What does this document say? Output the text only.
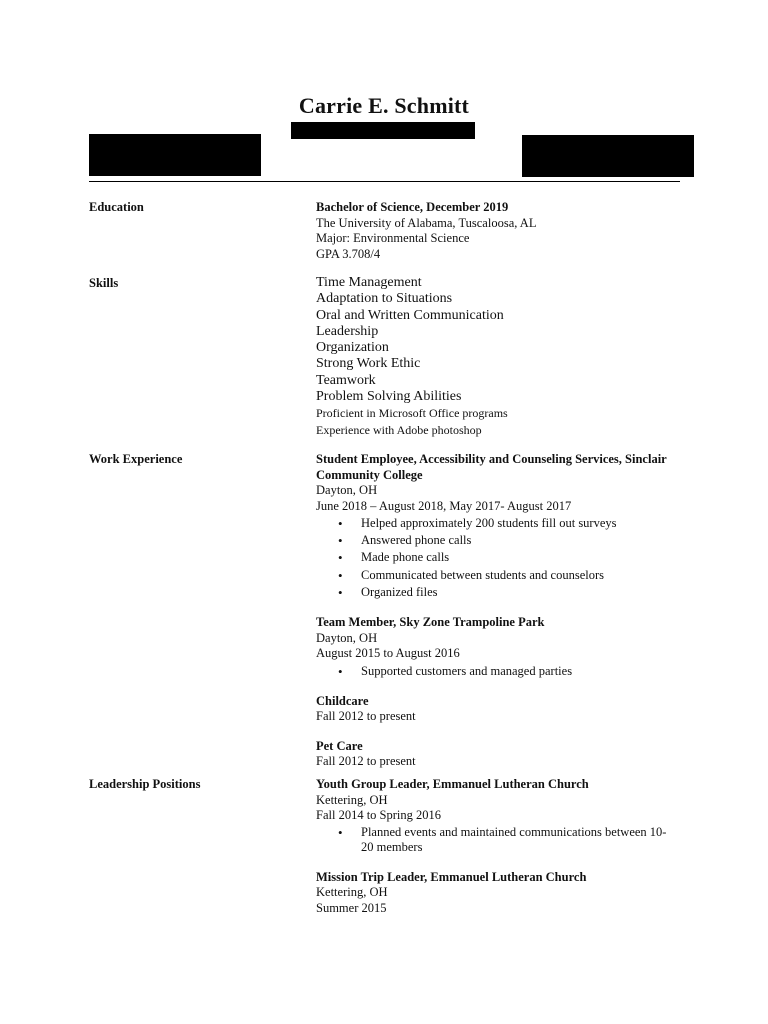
Carrie E. Schmitt
Education	Bachelor of Science, December 2019
The University of Alabama, Tuscaloosa, AL
Major: Environmental Science
GPA 3.708/4
Skills	Time Management
Adaptation to Situations
Oral and Written Communication
Leadership
Organization
Strong Work Ethic
Teamwork
Problem Solving Abilities
Proficient in Microsoft Office programs
Experience with Adobe photoshop
Work Experience	Student Employee, Accessibility and Counseling Services, Sinclair Community College
Dayton, OH
June 2018 – August 2018, May 2017- August 2017
• Helped approximately 200 students fill out surveys
• Answered phone calls
• Made phone calls
• Communicated between students and counselors
• Organized files
Team Member, Sky Zone Trampoline Park
Dayton, OH
August 2015 to August 2016
• Supported customers and managed parties
Childcare
Fall 2012 to present
Pet Care
Fall 2012 to present
Leadership Positions	Youth Group Leader, Emmanuel Lutheran Church
Kettering, OH
Fall 2014 to Spring 2016
• Planned events and maintained communications between 10-20 members
Mission Trip Leader, Emmanuel Lutheran Church
Kettering, OH
Summer 2015
